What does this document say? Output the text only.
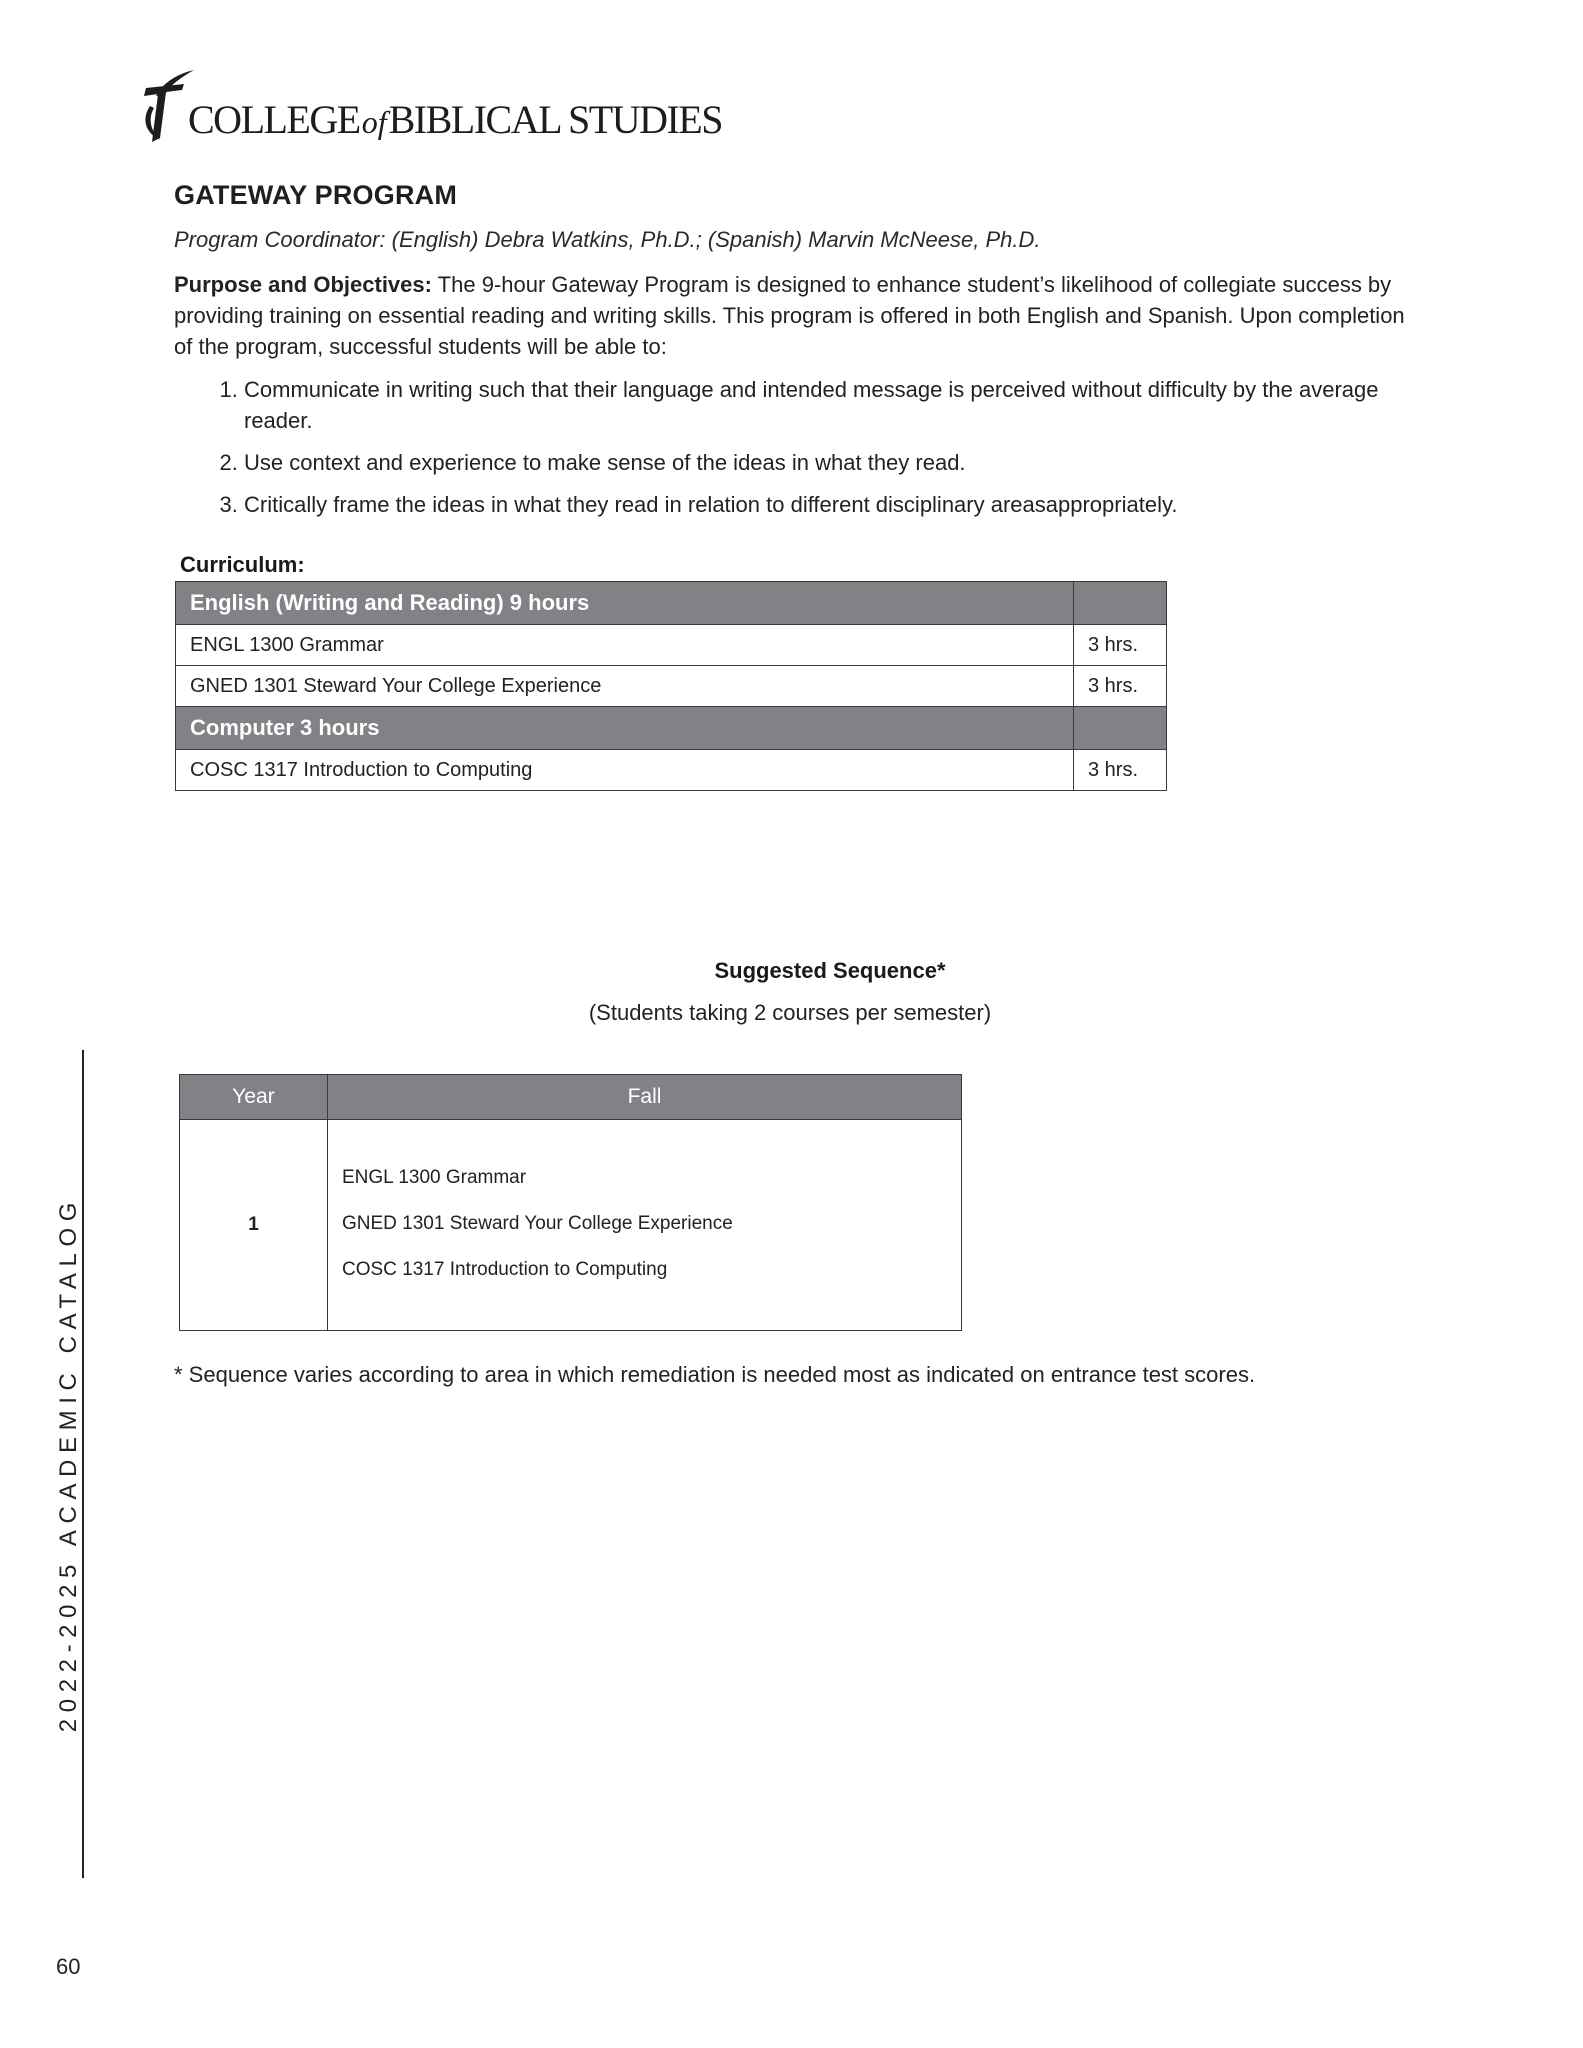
COLLEGEofBIBLICAL STUDIES
GATEWAY PROGRAM
Program Coordinator: (English) Debra Watkins, Ph.D.; (Spanish) Marvin McNeese, Ph.D.
Purpose and Objectives: The 9-hour Gateway Program is designed to enhance student’s likelihood of collegiate success by providing training on essential reading and writing skills. This program is offered in both English and Spanish. Upon completion of the program, successful students will be able to:
1. Communicate in writing such that their language and intended message is perceived without difficulty by the average reader.
2. Use context and experience to make sense of the ideas in what they read.
3. Critically frame the ideas in what they read in relation to different disciplinary areasappropriately.
Curriculum:
English (Writing and Reading) 9 hours	
ENGL 1300 Grammar	3 hrs.
GNED 1301 Steward Your College Experience	3 hrs.
Computer 3 hours	
COSC 1317 Introduction to Computing	3 hrs.
Suggested Sequence*
(Students taking 2 courses per semester)
Year	Fall
1	ENGL 1300 Grammar
GNED 1301 Steward Your College Experience
COSC 1317 Introduction to Computing
* Sequence varies according to area in which remediation is needed most as indicated on entrance test scores.
2022-2025 ACADEMIC CATALOG
60
